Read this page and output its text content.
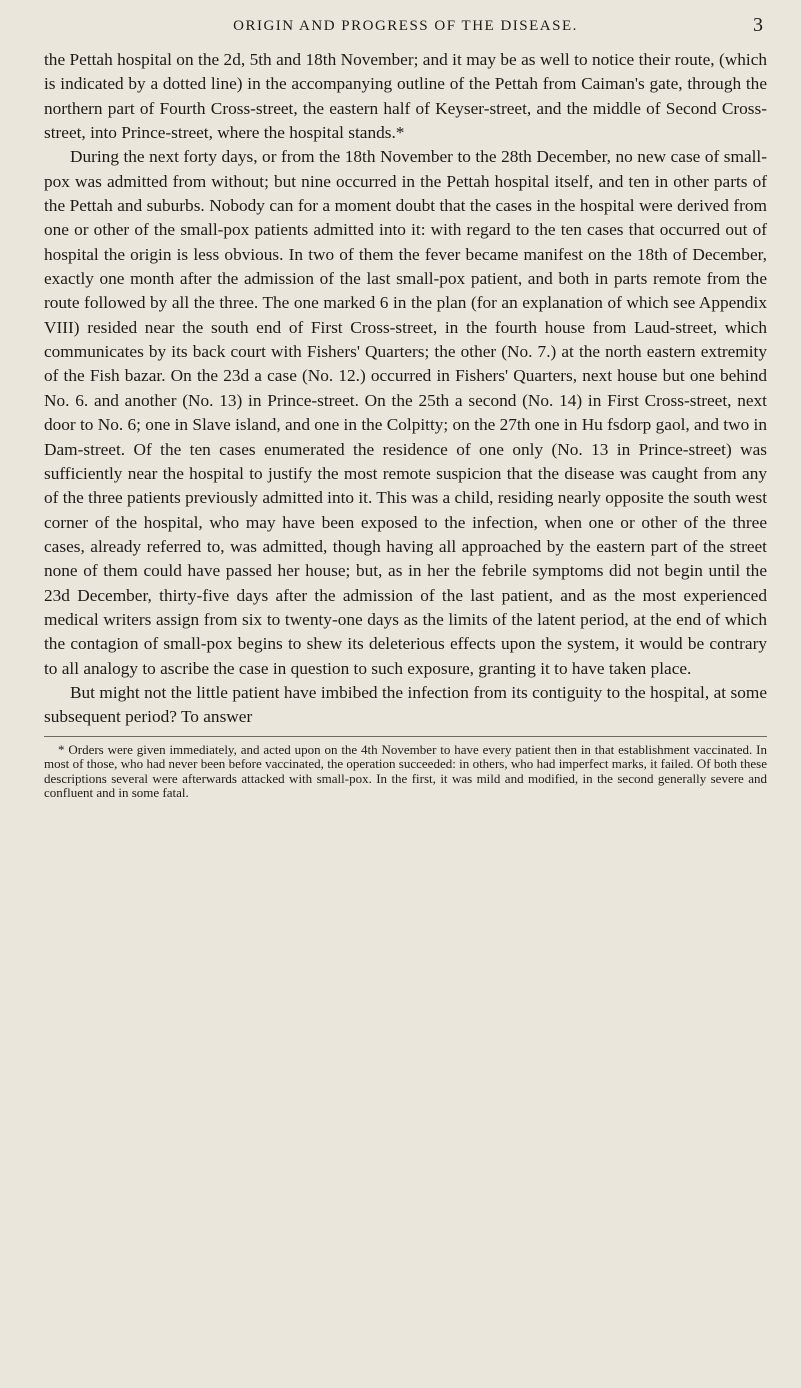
ORIGIN AND PROGRESS OF THE DISEASE.	3

the Pettah hospital on the 2d, 5th and 18th November; and it may be as well to notice their route, (which is indicated by a dotted line) in the accompanying outline of the Pettah from Caiman's gate, through the northern part of Fourth Cross-street, the eastern half of Keyser-street, and the middle of Second Cross-street, into Prince-street, where the hospital stands.*

During the next forty days, or from the 18th November to the 28th December, no new case of small-pox was admitted from without; but nine occurred in the Pettah hospital itself, and ten in other parts of the Pettah and suburbs. Nobody can for a moment doubt that the cases in the hospital were derived from one or other of the small-pox patients admitted into it: with regard to the ten cases that occurred out of hospital the origin is less obvious. In two of them the fever became manifest on the 18th of December, exactly one month after the admission of the last small-pox patient, and both in parts remote from the route followed by all the three. The one marked 6 in the plan (for an explanation of which see Appendix VIII) resided near the south end of First Cross-street, in the fourth house from Laud-street, which communicates by its back court with Fishers' Quarters; the other (No. 7.) at the north eastern extremity of the Fish bazar. On the 23d a case (No. 12.) occurred in Fishers' Quarters, next house but one behind No. 6. and another (No. 13) in Prince-street. On the 25th a second (No. 14) in First Cross-street, next door to No. 6; one in Slave island, and one in the Colpitty; on the 27th one in Hu fsdorp gaol, and two in Dam-street. Of the ten cases enumerated the residence of one only (No. 13 in Prince-street) was sufficiently near the hospital to justify the most remote suspicion that the disease was caught from any of the three patients previously admitted into it. This was a child, residing nearly opposite the south west corner of the hospital, who may have been exposed to the infection, when one or other of the three cases, already referred to, was admitted, though having all approached by the eastern part of the street none of them could have passed her house; but, as in her the febrile symptoms did not begin until the 23d December, thirty-five days after the admission of the last patient, and as the most experienced medical writers assign from six to twenty-one days as the limits of the latent period, at the end of which the contagion of small-pox begins to shew its deleterious effects upon the system, it would be contrary to all analogy to ascribe the case in question to such exposure, granting it to have taken place.

But might not the little patient have imbibed the infection from its contiguity to the hospital, at some subsequent period? To answer

* Orders were given immediately, and acted upon on the 4th November to have every patient then in that establishment vaccinated. In most of those, who had never been before vaccinated, the operation succeeded: in others, who had imperfect marks, it failed. Of both these descriptions several were afterwards attacked with small-pox. In the first, it was mild and modified, in the second generally severe and confluent and in some fatal.
